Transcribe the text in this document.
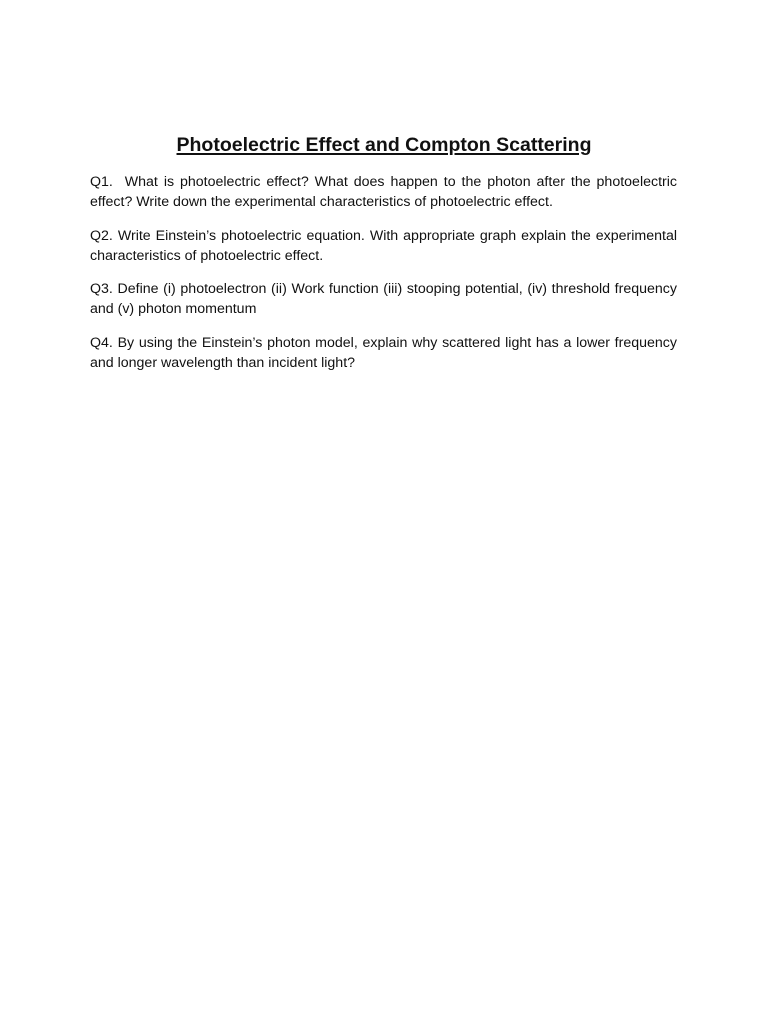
Photoelectric Effect and Compton Scattering

Q1.  What is photoelectric effect? What does happen to the photon after the photoelectric effect? Write down the experimental characteristics of photoelectric effect.

Q2. Write Einstein’s photoelectric equation. With appropriate graph explain the experimental characteristics of photoelectric effect.

Q3. Define (i) photoelectron (ii) Work function (iii) stooping potential, (iv) threshold frequency and (v) photon momentum

Q4. By using the Einstein’s photon model, explain why scattered light has a lower frequency and longer wavelength than incident light?
